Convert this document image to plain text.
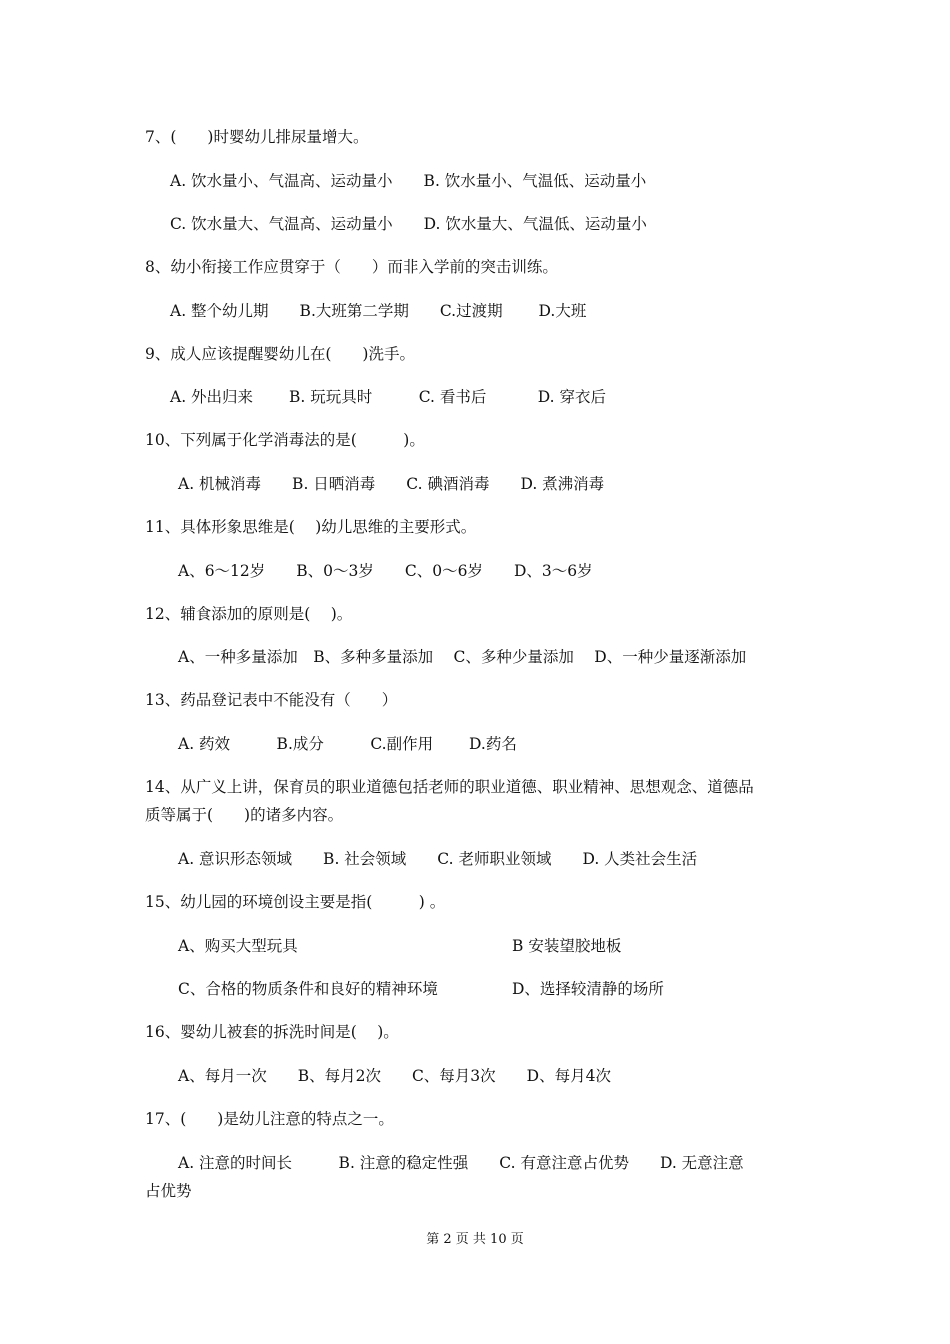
7、(　　)时婴幼儿排尿量增大。
A. 饮水量小、气温高、运动量小　　B. 饮水量小、气温低、运动量小
C. 饮水量大、气温高、运动量小　　D. 饮水量大、气温低、运动量小
8、幼小衔接工作应贯穿于（　　）而非入学前的突击训练。
A. 整个幼儿期　　B.大班第二学期　　C.过渡期　　 D.大班
9、成人应该提醒婴幼儿在(　　)洗手。
A. 外出归来　　 B. 玩玩具时　　　C. 看书后　　　 D. 穿衣后
10、下列属于化学消毒法的是(　　　)。
A. 机械消毒　　B. 日晒消毒　　C. 碘酒消毒　　D. 煮沸消毒
11、具体形象思维是(　 )幼儿思维的主要形式。
A、6～12岁　　B、0～3岁　　C、0～6岁　　D、3～6岁
12、辅食添加的原则是(　 )。
A、一种多量添加　B、多种多量添加　 C、多种少量添加　 D、一种少量逐渐添加
13、药品登记表中不能没有（　　）
A. 药效　　　B.成分　　　C.副作用　　 D.药名
14、从广义上讲，保育员的职业道德包括老师的职业道德、职业精神、思想观念、道德品
质等属于(　　)的诸多内容。
A. 意识形态领域　　B. 社会领域　　C. 老师职业领域　　D. 人类社会生活
15、幼儿园的环境创设主要是指(　　　) 。
A、购买大型玩具	B 安装望胶地板
C、合格的物质条件和良好的精神环境	D、选择较清静的场所
16、婴幼儿被套的拆洗时间是(　 )。
A、每月一次　　B、每月2次　　C、每月3次　　D、每月4次
17、(　　)是幼儿注意的特点之一。
A. 注意的时间长　　　B. 注意的稳定性强　　C. 有意注意占优势　　D. 无意注意
占优势
第 2 页 共 10 页
